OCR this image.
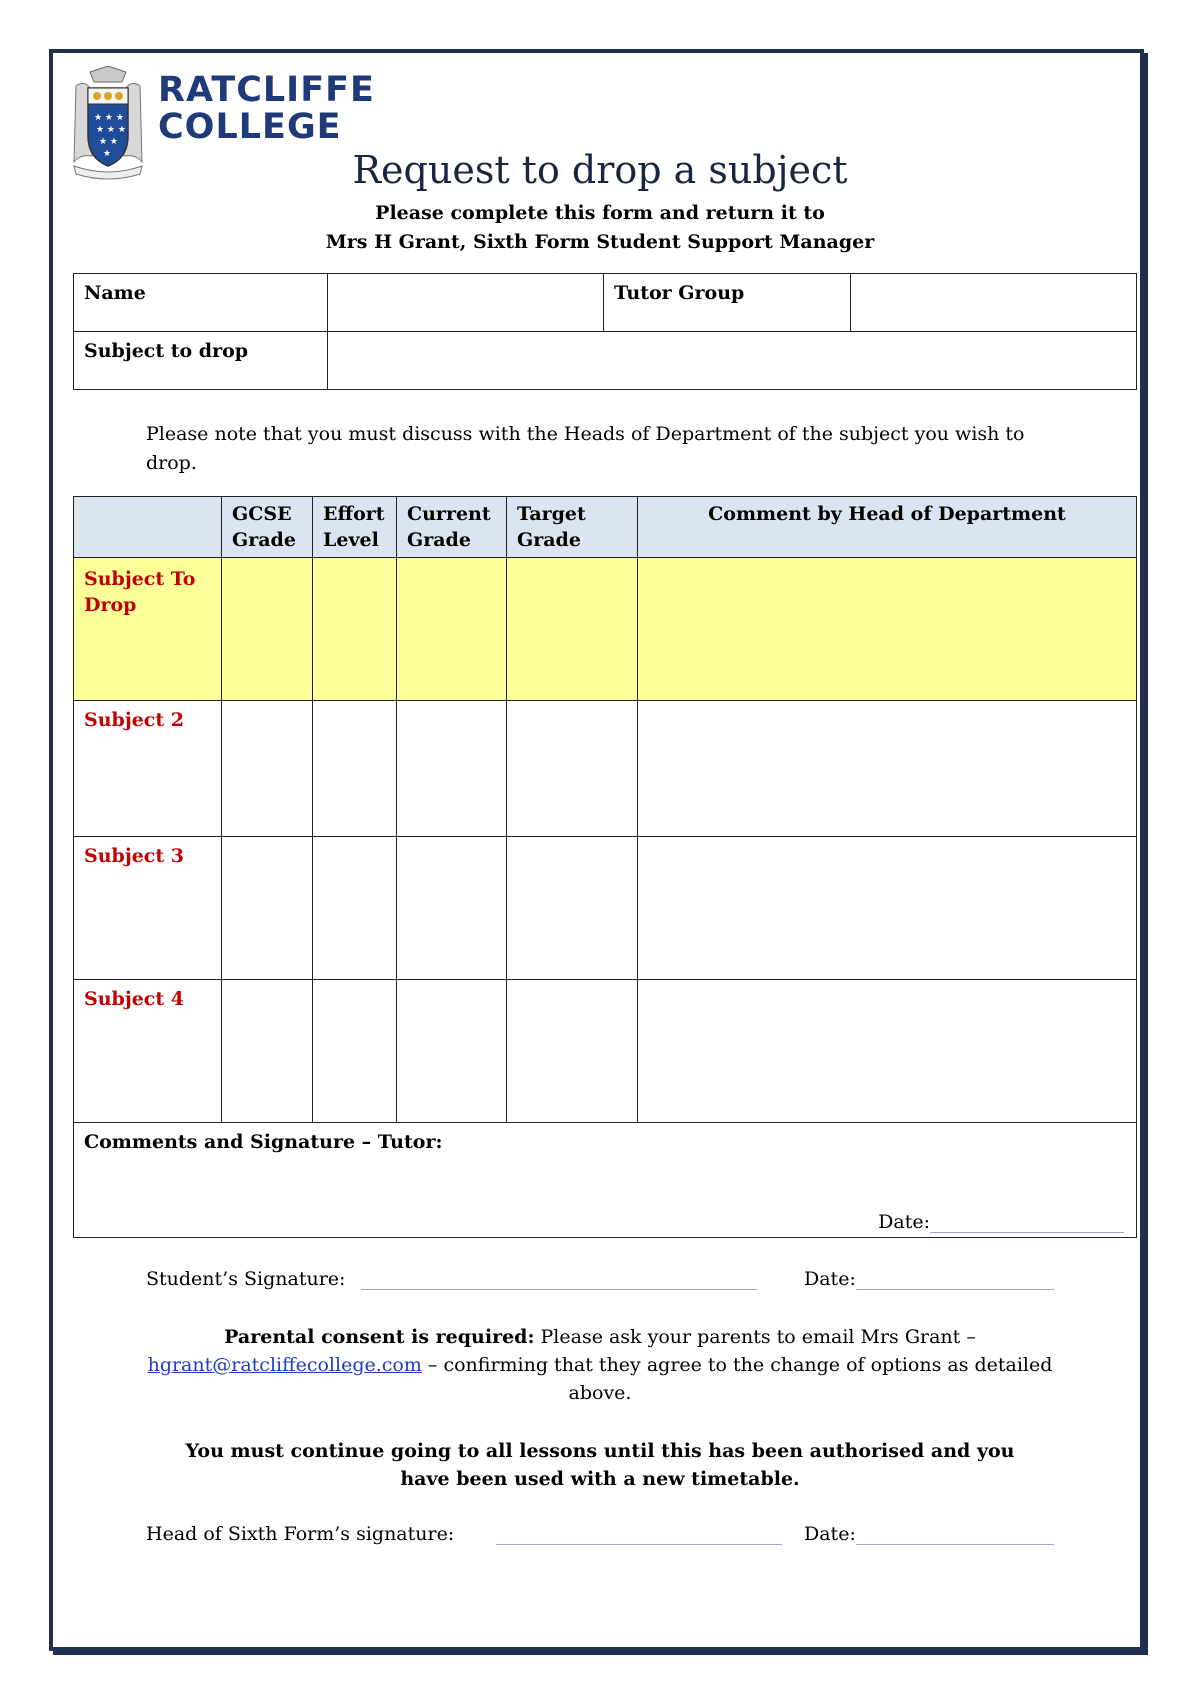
★ ★ ★
★ ★ ★
★ ★
★
RATCLIFFE
COLLEGE
Request to drop a subject
Please complete this form and return it to
Mrs H Grant, Sixth Form Student Support Manager
Name		Tutor Group	
Subject to drop			
Please note that you must discuss with the Heads of Department of the subject you wish to drop.
	GCSE Grade	Effort Level	Current Grade	Target Grade	Comment by Head of Department
Subject To Drop					
Subject 2					
Subject 3					
Subject 4					
Comments and Signature – Tutor:
Date:					
Student’s Signature:	Date:
Parental consent is required: Please ask your parents to email Mrs Grant – hgrant@ratcliffecollege.com – confirming that they agree to the change of options as detailed above.
You must continue going to all lessons until this has been authorised and you have been used with a new timetable.
Head of Sixth Form’s signature:	Date:
